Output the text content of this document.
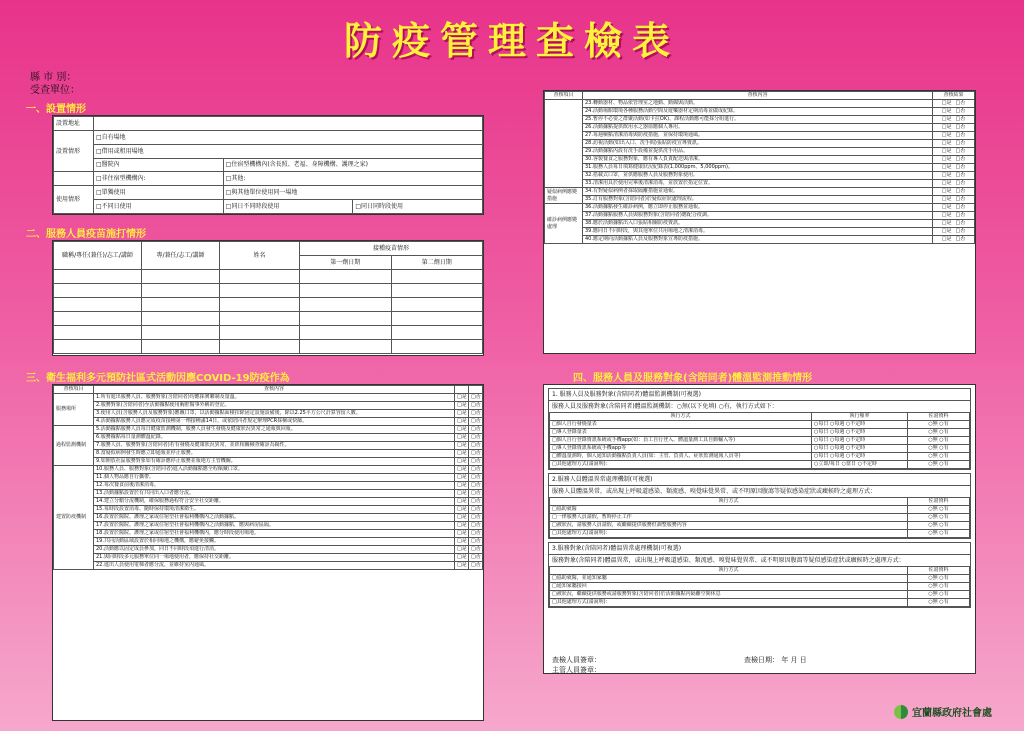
防疫管理查檢表
縣 市 別：
受查單位：
一、設置情形
設置地址			
設置情形	□自有場地		
	□借用或租用場地		
	□醫院內	□住宿型機構內(含長照、老福、身障機構、護理之家)	
	□非住宿型機構內:	□其他:	
使用情形	□單獨使用	□與其他單位使用同一場地	
	□不同日使用	□同日不同時段使用	□同日同時段使用
二、服務人員疫苗施打情形
職稱/專任(兼任)/志工/講師	專/兼任/志工/講師	姓名	接種疫苗情形	
			第一劑日期	第二劑日期

三、衛生福利多元預防社區式活動因應COVID-19防疫作為
查核項目	查核內容		
服務場所	1.所有進出服務人員、服務對象(含陪同者)均應採實聯制及量溫。	□是	□否
	2.服務對象(含陪同者)至活動據點使用胸腔醫事外稱的登記。	□是	□否
	3.使用人員(含服務人員及服務對象)應戴口罩，以活動據點面積扣除固定設施設備後，除以2.25平方公尺計算容留人數。	□是	□否
	4.活動據點服務人員應完成疫苗接種第一劑接種滿14日，或依陪同者規定辦理PCR採檢或快篩。	□是	□否
過程監測機制	5.活動據點服務人員每日健康監測機制，服務人員發生發燒及健康狀況異常之通報與回報。	□是	□否
	6.服務據點每日量測體溫紀錄。	□是	□否
	7.服務人員、服務對象(含陪同者)若有發燒及健康狀況異常，並經相關檢查確診為陽性。	□是	□否
	8.當疑似病例發生時應立即通報並停止服務。	□是	□否
	9.如開放社區服務對象如有確診應停止服務並報地方主管機關。	□是	□否
建置防疫機制	10.服務人員、服務對象(含陪同者)進入活動據點應全程佩戴口罩。	□是	□否
	11.個人物品應自行攜帶。	□是	□否
	12.每次餐食前後清潔消毒。	□是	□否
	13.活動據點設置於有共同出入口者應分流。	□是	□否
	14.建立分艙分流機制，確保服務過程符合安全社交距離。	□是	□否
	15.每時段設置消毒、隨時保持環境清潔衛生。	□是	□否
	16.設置於醫院、護理之家或住宿型社會福利機構內之活動據點。	□是	□否
	17.設置於醫院、護理之家或住宿型社會福利機構內之活動據點，應與病房區隔。	□是	□否
	18.設置於醫院、護理之家或住宿型社會福利機構內，應分時段使用場地。	□是	□否
	19.共同活動區域設置於相同場地之機構，應避免接觸。	□是	□否
	20.活動應以固定成員參加，同日不同時段須進行清消。	□是	□否
	21.與同時段多元服務單位同一場地使用者，應保持社交距離。	□是	□否
	22.進出人員使用電梯者應分流，並維持室內通風。	□是	□否
查核項目	查核內容	查核結果
	23.轉動器材、物品依管理室之地動、動線與活動。	□是 □否
	24.活動場館環境各種服務活動空間及遊樂器材定期消毒並做成紀錄。	□是 □否
	25.暫停不必要之群聚活動(如卡拉OK)、課程活動應可能採分組進行。	□是 □否
	26.活動據點提供飲用水之器皿應個人專用。	□是 □否
	27.每週檢點清潔消毒與防疫措施，並保持環境通風。	□是 □否
	28.訪視活動(如出入口、洗手間)張貼防疫宣導資訊。	□是 □否
	29.活動據點內設有洗手設備並提供洗手用品。	□是 □否
	30.客製餐食之服務對象，應有專人負責配送與清潔。	□是 □否
	31.服務人員每日填寫健康狀況紀錄表(1,000ppm、5,000ppm)。	□是 □否
	32.搭載式口罩，並供應服務人員及服務對象使用。	□是 □否
	33.清潔用具於使用完畢後清潔消毒，並放置於指定位置。	□是 □否
疑似病例應變措施	34.有對疑似病例者採取隔離措施並通報。	□是 □否
	35.訂有服務對象(含陪同者)於疑似症狀處理流程。	□是 □否
確診病例應變處理	36.活動據點發生確診病例，應立即停止服務並通報。	□是 □否
	37.活動據點服務人員與服務對象(含陪同者)應配合疫調。	□是 □否
	38.應於活動據點出入口張貼相關防疫資訊。	□是 □否
	39.應同日不同時段，與其他單位共用場地之清潔消毒。	□是 □否
	40.應定期向活動據點人員及服務對象宣導防疫措施。	□是 □否
四、服務人員及服務對象(含陪同者)體溫監測推動情形
1. 服務人員及服務對象(含陪同者)體溫監測機制(可複選)
服務人員及服務對象(含陪同者)體溫監測機制：○無(以下免填) ○有，執行方式如下：
執行方式	執行頻率	佐證資料
□個人自行發燒量表	○每日 ○每週 ○不定時	○無 ○有
□專人登錄量表	○每日 ○每週 ○不定時	○無 ○有
□個人自行登錄資訊系統或手機app(如：員工自行登入、體溫量測工具自動輸入等)	○每日 ○每週 ○不定時	○無 ○有
□專人登錄資訊系統或手機app等	○每日 ○每週 ○不定時	○無 ○有
□體溫量測時，個人通知活動據點負責人員(如：主管、負責人、症狀監測通報人員等)	○每日 ○每週 ○不定時	○無 ○有
□其他處理方式(請說明)：	○立即/每日 ○當日 ○不定時	○無 ○有
2.服務人員體溫異常處理機制(可複選)
服務人員體溫異常，或出現上呼吸道感染、類流感、嗅覺味覺異常、或不明原因腹瀉等疑似感染症狀或癥候時之處理方式：
執行方式	佐證資料
□協助就醫	○無 ○有
□一律服務人員請假，暫時停止工作	○無 ○有
□被狀況，請服務人員請假，或繼續提供服務但調整服務內容	○無 ○有
□其他處理方式(請說明)：	○無 ○有
3.服務對象(含陪同者)體溫異常處理機制(可複選)
服務對象(含陪同者)體溫異常，或出現上呼吸道感染、類流感、嗅覺味覺異常、或不明原因腹瀉等疑似感染症狀或癥候時之處理方式：
執行方式	佐證資料
□協助就醫，並通知家屬	○無 ○有
□通知家屬接回	○無 ○有
□被狀況，繼續提供服務或請服務對象(含陪同者)於活動據點內隔離空間休息	○無 ○有
□其他處理方式(請說明)：	○無 ○有
查檢人員簽章：
主管人員簽章：
查檢日期： 年 月 日
宜蘭縣政府社會處
